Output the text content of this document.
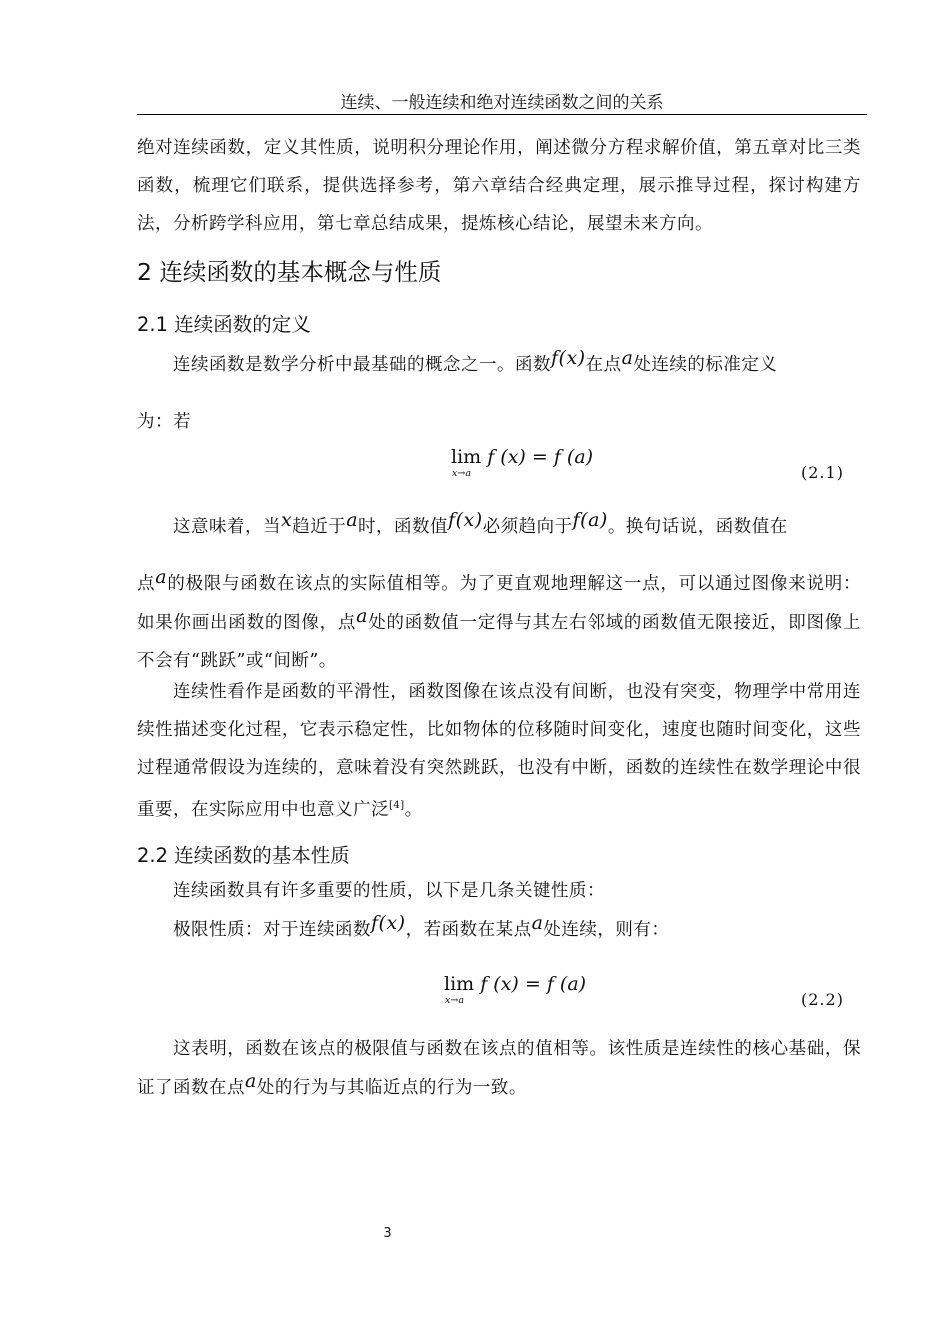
连续、一般连续和绝对连续函数之间的关系

绝对连续函数，定义其性质，说明积分理论作用，阐述微分方程求解价值，第五章对比三类函数，梳理它们联系，提供选择参考，第六章结合经典定理，展示推导过程，探讨构建方法，分析跨学科应用，第七章总结成果，提炼核心结论，展望未来方向。

2 连续函数的基本概念与性质
2.1 连续函数的定义

连续函数是数学分析中最基础的概念之一。函数f(x)在点a处连续的标准定义

为：若

lim
x→a
f (x) = f (a)
(2.1)

这意味着，当x趋近于a时，函数值f(x)必须趋向于f(a)。换句话说，函数值在

点a的极限与函数在该点的实际值相等。为了更直观地理解这一点，可以通过图像来说明：如果你画出函数的图像，点a处的函数值一定得与其左右邻域的函数值无限接近，即图像上不会有“跳跃”或“间断”。

连续性看作是函数的平滑性，函数图像在该点没有间断，也没有突变，物理学中常用连续性描述变化过程，它表示稳定性，比如物体的位移随时间变化，速度也随时间变化，这些过程通常假设为连续的，意味着没有突然跳跃，也没有中断，函数的连续性在数学理论中很重要，在实际应用中也意义广泛[4]。

2.2 连续函数的基本性质

连续函数具有许多重要的性质，以下是几条关键性质：

极限性质：对于连续函数f(x)，若函数在某点a处连续，则有：

lim
x→a
f (x) = f (a)
(2.2)

这表明，函数在该点的极限值与函数在该点的值相等。该性质是连续性的核心基础，保证了函数在点a处的行为与其临近点的行为一致。

3
